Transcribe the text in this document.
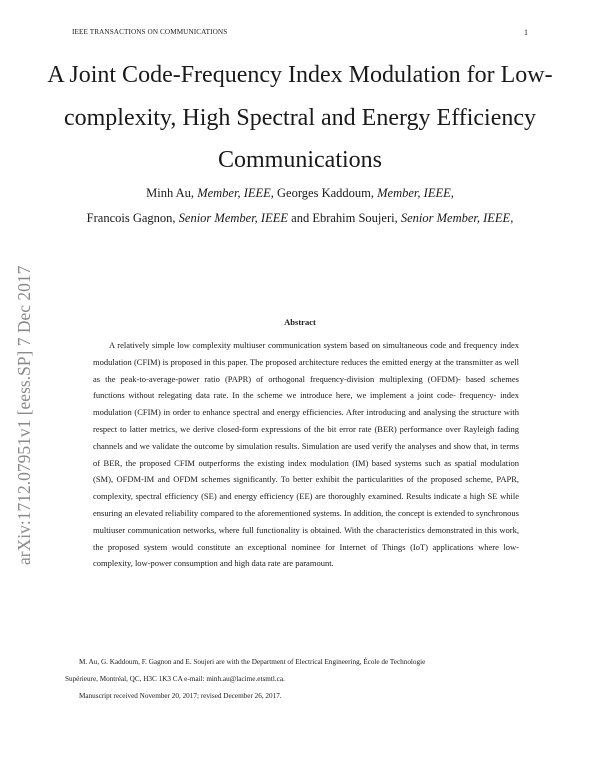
IEEE TRANSACTIONS ON COMMUNICATIONS	1
A Joint Code-Frequency Index Modulation for Low-complexity, High Spectral and Energy Efficiency Communications
Minh Au, Member, IEEE, Georges Kaddoum, Member, IEEE,
Francois Gagnon, Senior Member, IEEE and Ebrahim Soujeri, Senior Member, IEEE,
arXiv:1712.07951v1 [eess.SP] 7 Dec 2017	Abstract
A relatively simple low complexity multiuser communication system based on simultaneous code and frequency index modulation (CFIM) is proposed in this paper. The proposed architecture reduces the emitted energy at the transmitter as well as the peak-to-average-power ratio (PAPR) of orthogonal frequency-division multiplexing (OFDM)- based schemes functions without relegating data rate. In the scheme we introduce here, we implement a joint code- frequency- index modulation (CFIM) in order to enhance spectral and energy efficiencies. After introducing and analysing the structure with respect to latter metrics, we derive closed-form expressions of the bit error rate (BER) performance over Rayleigh fading channels and we validate the outcome by simulation results. Simulation are used verify the analyses and show that, in terms of BER, the proposed CFIM outperforms the existing index modulation (IM) based systems such as spatial modulation (SM), OFDM-IM and OFDM schemes significantly. To better exhibit the particularities of the proposed scheme, PAPR, complexity, spectral efficiency (SE) and energy efficiency (EE) are thoroughly examined. Results indicate a high SE while ensuring an elevated reliability compared to the aforementioned systems. In addition, the concept is extended to synchronous multiuser communication networks, where full functionality is obtained. With the characteristics demonstrated in this work, the proposed system would constitute an exceptional nominee for Internet of Things (IoT) applications where low-complexity, low-power consumption and high data rate are paramount.
M. Au, G. Kaddoum, F. Gagnon and E. Soujeri are with the Department of Electrical Engineering, École de Technologie
Supérieure, Montréal, QC, H3C 1K3 CA e-mail: minh.au@lacime.etsmtl.ca.
Manuscript received November 20, 2017; revised December 26, 2017.
